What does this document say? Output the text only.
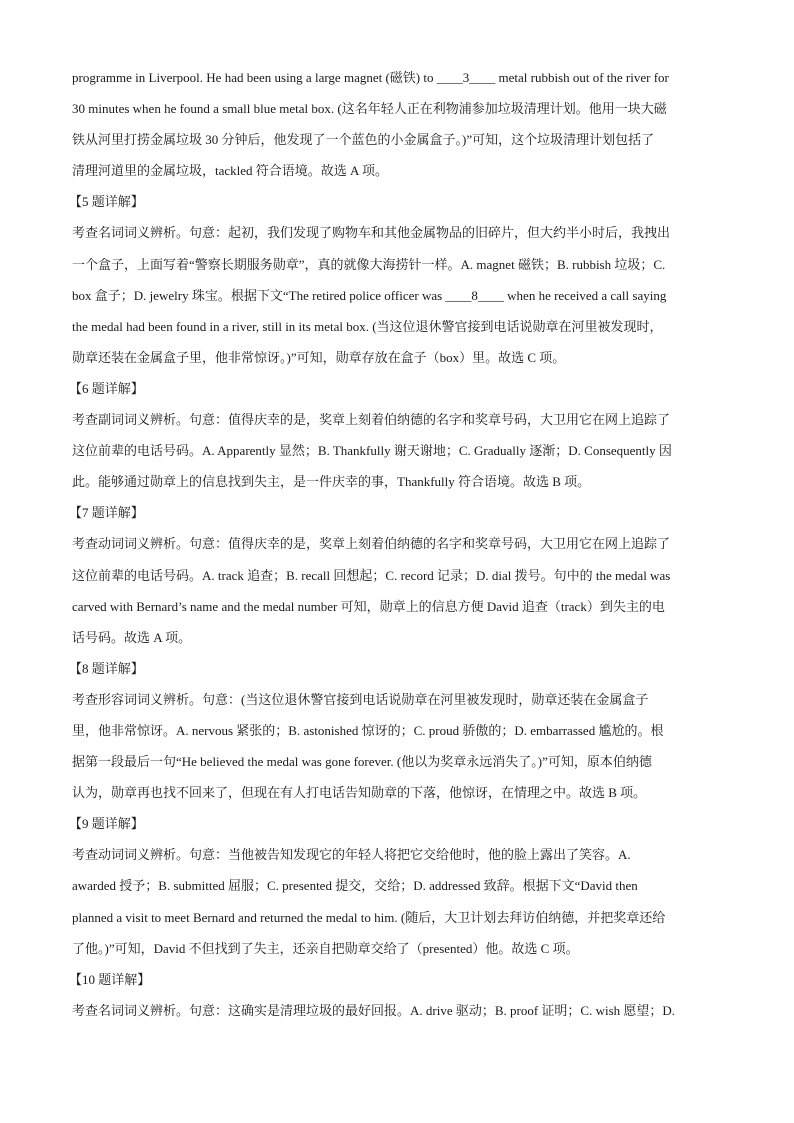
programme in Liverpool. He had been using a large magnet (磁铁) to ____3____ metal rubbish out of the river for
30 minutes when he found a small blue metal box. (这名年轻人正在利物浦参加垃圾清理计划。他用一块大磁
铁从河里打捞金属垃圾 30 分钟后，他发现了一个蓝色的小金属盒子。)”可知，这个垃圾清理计划包括了
清理河道里的金属垃圾，tackled 符合语境。故选 A 项。
【5 题详解】
考查名词词义辨析。句意：起初，我们发现了购物车和其他金属物品的旧碎片，但大约半小时后，我拽出
一个盒子，上面写着“警察长期服务勋章”，真的就像大海捞针一样。A. magnet 磁铁；B. rubbish 垃圾；C.
box 盒子；D. jewelry 珠宝。根据下文“The retired police officer was ____8____ when he received a call saying
the medal had been found in a river, still in its metal box. (当这位退休警官接到电话说勋章在河里被发现时，
勋章还装在金属盒子里，他非常惊讶。)”可知，勋章存放在盒子（box）里。故选 C 项。
【6 题详解】
考查副词词义辨析。句意：值得庆幸的是，奖章上刻着伯纳德的名字和奖章号码，大卫用它在网上追踪了
这位前辈的电话号码。A. Apparently 显然；B. Thankfully 谢天谢地；C. Gradually 逐渐；D. Consequently 因
此。能够通过勋章上的信息找到失主，是一件庆幸的事，Thankfully 符合语境。故选 B 项。
【7 题详解】
考查动词词义辨析。句意：值得庆幸的是，奖章上刻着伯纳德的名字和奖章号码，大卫用它在网上追踪了
这位前辈的电话号码。A. track 追查；B. recall 回想起；C. record 记录；D. dial 拨号。句中的 the medal was
carved with Bernard’s name and the medal number 可知，勋章上的信息方便 David 追查（track）到失主的电
话号码。故选 A 项。
【8 题详解】
考查形容词词义辨析。句意：(当这位退休警官接到电话说勋章在河里被发现时，勋章还装在金属盒子
里，他非常惊讶。A. nervous 紧张的；B. astonished 惊讶的；C. proud 骄傲的；D. embarrassed 尴尬的。根
据第一段最后一句“He believed the medal was gone forever. (他以为奖章永远消失了。)”可知，原本伯纳德
认为，勋章再也找不回来了，但现在有人打电话告知勋章的下落，他惊讶，在情理之中。故选 B 项。
【9 题详解】
考查动词词义辨析。句意：当他被告知发现它的年轻人将把它交给他时，他的脸上露出了笑容。A.
awarded 授予；B. submitted 屈服；C. presented 提交，交给；D. addressed 致辞。根据下文“David then
planned a visit to meet Bernard and returned the medal to him. (随后，大卫计划去拜访伯纳德，并把奖章还给
了他。)”可知，David 不但找到了失主，还亲自把勋章交给了（presented）他。故选 C 项。
【10 题详解】
考查名词词义辨析。句意：这确实是清理垃圾的最好回报。A. drive 驱动；B. proof 证明；C. wish 愿望；D.
